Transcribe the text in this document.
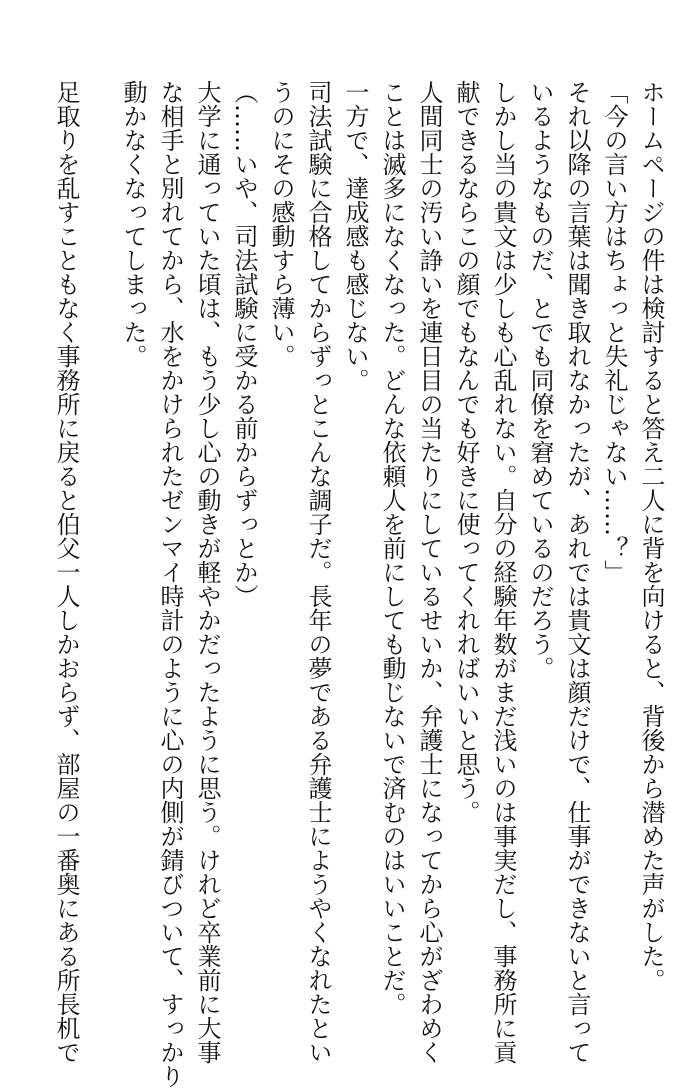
ホームページの件は検討すると答え二人に背を向けると、背後から潜めた声がした。
「今の言い方はちょっと失礼じゃない……？」
それ以降の言葉は聞き取れなかったが、あれでは貴文は顔だけで、仕事ができないと言って
いるようなものだ、とでも同僚を窘めているのだろう。
しかし当の貴文は少しも心乱れない。自分の経験年数がまだ浅いのは事実だし、事務所に貢
献できるならこの顔でもなんでも好きに使ってくれればいいと思う。
人間同士の汚い諍いを連日目の当たりにしているせいか、弁護士になってから心がざわめく
ことは滅多になくなった。どんな依頼人を前にしても動じないで済むのはいいことだ。
一方で、達成感も感じない。
司法試験に合格してからずっとこんな調子だ。長年の夢である弁護士にようやくなれたとい
うのにその感動すら薄い。
（……いや、司法試験に受かる前からずっとか）
大学に通っていた頃は、もう少し心の動きが軽やかだったように思う。けれど卒業前に大事
な相手と別れてから、水をかけられたゼンマイ時計のように心の内側が錆びついて、すっかり
動かなくなってしまった。
足取りを乱すこともなく事務所に戻ると伯父一人しかおらず、部屋の一番奥にある所長机で
